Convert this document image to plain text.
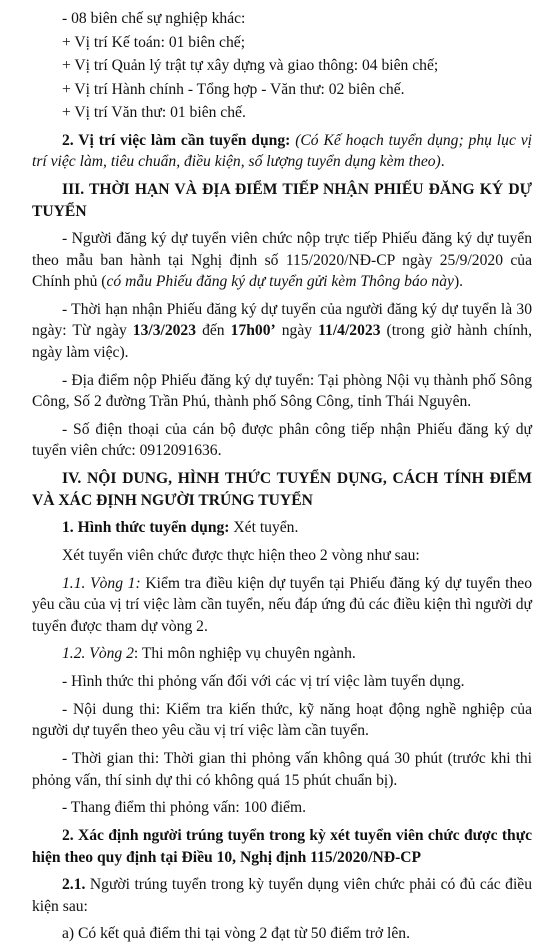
- 08 biên chế sự nghiệp khác:

+ Vị trí Kế toán: 01 biên chế;

+ Vị trí Quản lý trật tự xây dựng và giao thông: 04 biên chế;

+ Vị trí Hành chính - Tổng hợp - Văn thư: 02 biên chế.

+ Vị trí Văn thư: 01 biên chế.

2. Vị trí việc làm cần tuyển dụng: (Có Kế hoạch tuyển dụng; phụ lục vị trí việc làm, tiêu chuẩn, điều kiện, số lượng tuyển dụng kèm theo).

III. THỜI HẠN VÀ ĐỊA ĐIỂM TIẾP NHẬN PHIẾU ĐĂNG KÝ DỰ TUYỂN

- Người đăng ký dự tuyển viên chức nộp trực tiếp Phiếu đăng ký dự tuyển theo mẫu ban hành tại Nghị định số 115/2020/NĐ-CP ngày 25/9/2020 của Chính phủ (có mẫu Phiếu đăng ký dự tuyển gửi kèm Thông báo này).

- Thời hạn nhận Phiếu đăng ký dự tuyển của người đăng ký dự tuyển là 30 ngày: Từ ngày 13/3/2023 đến 17h00’ ngày 11/4/2023 (trong giờ hành chính, ngày làm việc).

- Địa điểm nộp Phiếu đăng ký dự tuyển: Tại phòng Nội vụ thành phố Sông Công, Số 2 đường Trần Phú, thành phố Sông Công, tỉnh Thái Nguyên.

- Số điện thoại của cán bộ được phân công tiếp nhận Phiếu đăng ký dự tuyển viên chức: 0912091636.

IV. NỘI DUNG, HÌNH THỨC TUYỂN DỤNG, CÁCH TÍNH ĐIỂM VÀ XÁC ĐỊNH NGƯỜI TRÚNG TUYỂN

1. Hình thức tuyển dụng: Xét tuyển.

Xét tuyển viên chức được thực hiện theo 2 vòng như sau:

1.1. Vòng 1: Kiểm tra điều kiện dự tuyển tại Phiếu đăng ký dự tuyển theo yêu cầu của vị trí việc làm cần tuyển, nếu đáp ứng đủ các điều kiện thì người dự tuyển được tham dự vòng 2.

1.2. Vòng 2: Thi môn nghiệp vụ chuyên ngành.

- Hình thức thi phỏng vấn đối với các vị trí việc làm tuyển dụng.

- Nội dung thi: Kiểm tra kiến thức, kỹ năng hoạt động nghề nghiệp của người dự tuyển theo yêu cầu vị trí việc làm cần tuyển.

- Thời gian thi: Thời gian thi phỏng vấn không quá 30 phút (trước khi thi phỏng vấn, thí sinh dự thi có không quá 15 phút chuẩn bị).

- Thang điểm thi phỏng vấn: 100 điểm.

2. Xác định người trúng tuyển trong kỳ xét tuyển viên chức được thực hiện theo quy định tại Điều 10, Nghị định 115/2020/NĐ-CP

2.1. Người trúng tuyển trong kỳ tuyển dụng viên chức phải có đủ các điều kiện sau:

a) Có kết quả điểm thi tại vòng 2 đạt từ 50 điểm trở lên.
